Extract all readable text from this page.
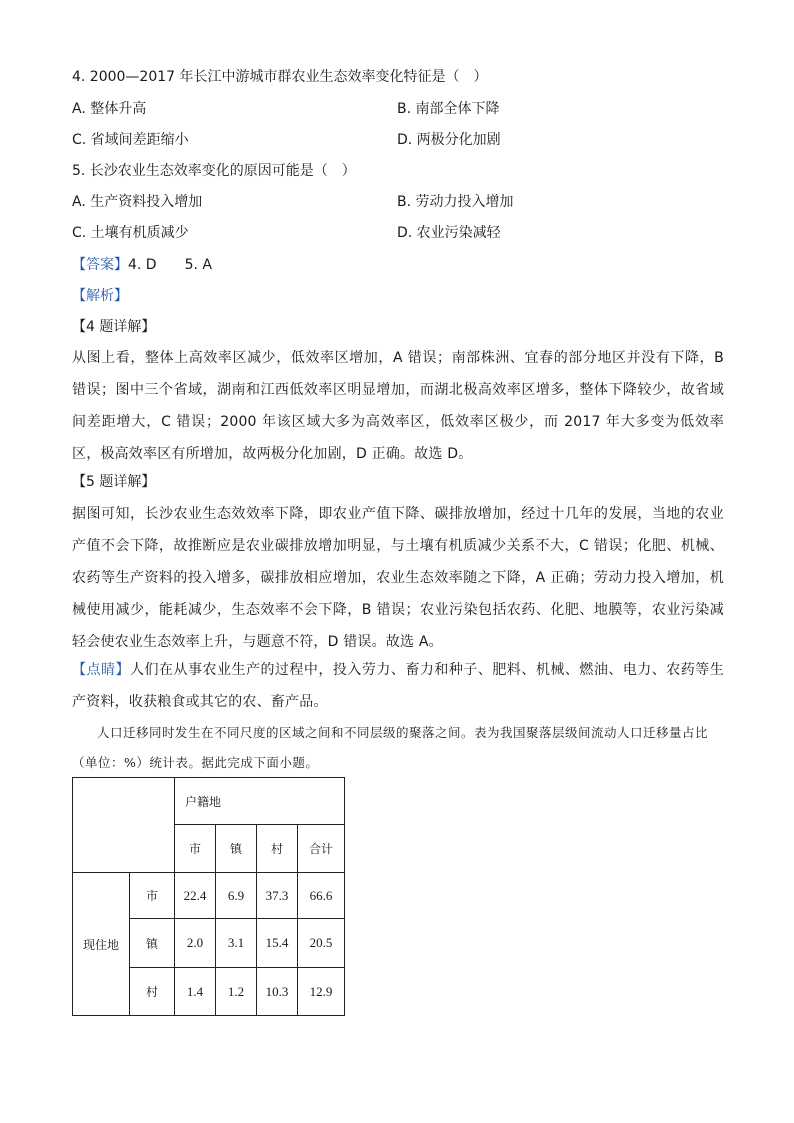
4. 2000—2017 年长江中游城市群农业生态效率变化特征是（　）
A. 整体升高	B. 南部全体下降
C. 省域间差距缩小	D. 两极分化加剧
5. 长沙农业生态效率变化的原因可能是（　）
A. 生产资料投入增加	B. 劳动力投入增加
C. 土壤有机质减少	D. 农业污染减轻
【答案】4. D　　5. A
【解析】
【4 题详解】
从图上看，整体上高效率区减少，低效率区增加，A 错误；南部株洲、宜春的部分地区并没有下降，B 错误；图中三个省域，湖南和江西低效率区明显增加，而湖北极高效率区增多，整体下降较少，故省域间差距增大，C 错误；2000 年该区域大多为高效率区，低效率区极少，而 2017 年大多变为低效率区，极高效率区有所增加，故两极分化加剧，D 正确。故选 D。
【5 题详解】
据图可知，长沙农业生态效效率下降，即农业产值下降、碳排放增加，经过十几年的发展，当地的农业产值不会下降，故推断应是农业碳排放增加明显，与土壤有机质减少关系不大，C 错误；化肥、机械、农药等生产资料的投入增多，碳排放相应增加，农业生态效率随之下降，A 正确；劳动力投入增加，机械使用减少，能耗减少，生态效率不会下降，B 错误；农业污染包括农药、化肥、地膜等，农业污染减轻会使农业生态效率上升，与题意不符，D 错误。故选 A。
【点睛】人们在从事农业生产的过程中，投入劳力、畜力和种子、肥料、机械、燃油、电力、农药等生产资料，收获粮食或其它的农、畜产品。
人口迁移同时发生在不同尺度的区域之间和不同层级的聚落之间。表为我国聚落层级间流动人口迁移量占比（单位：%）统计表。据此完成下面小题。
		户籍地			
		市	镇	村	合计
现住地	市	22.4	6.9	37.3	66.6
	镇	2.0	3.1	15.4	20.5
	村	1.4	1.2	10.3	12.9
